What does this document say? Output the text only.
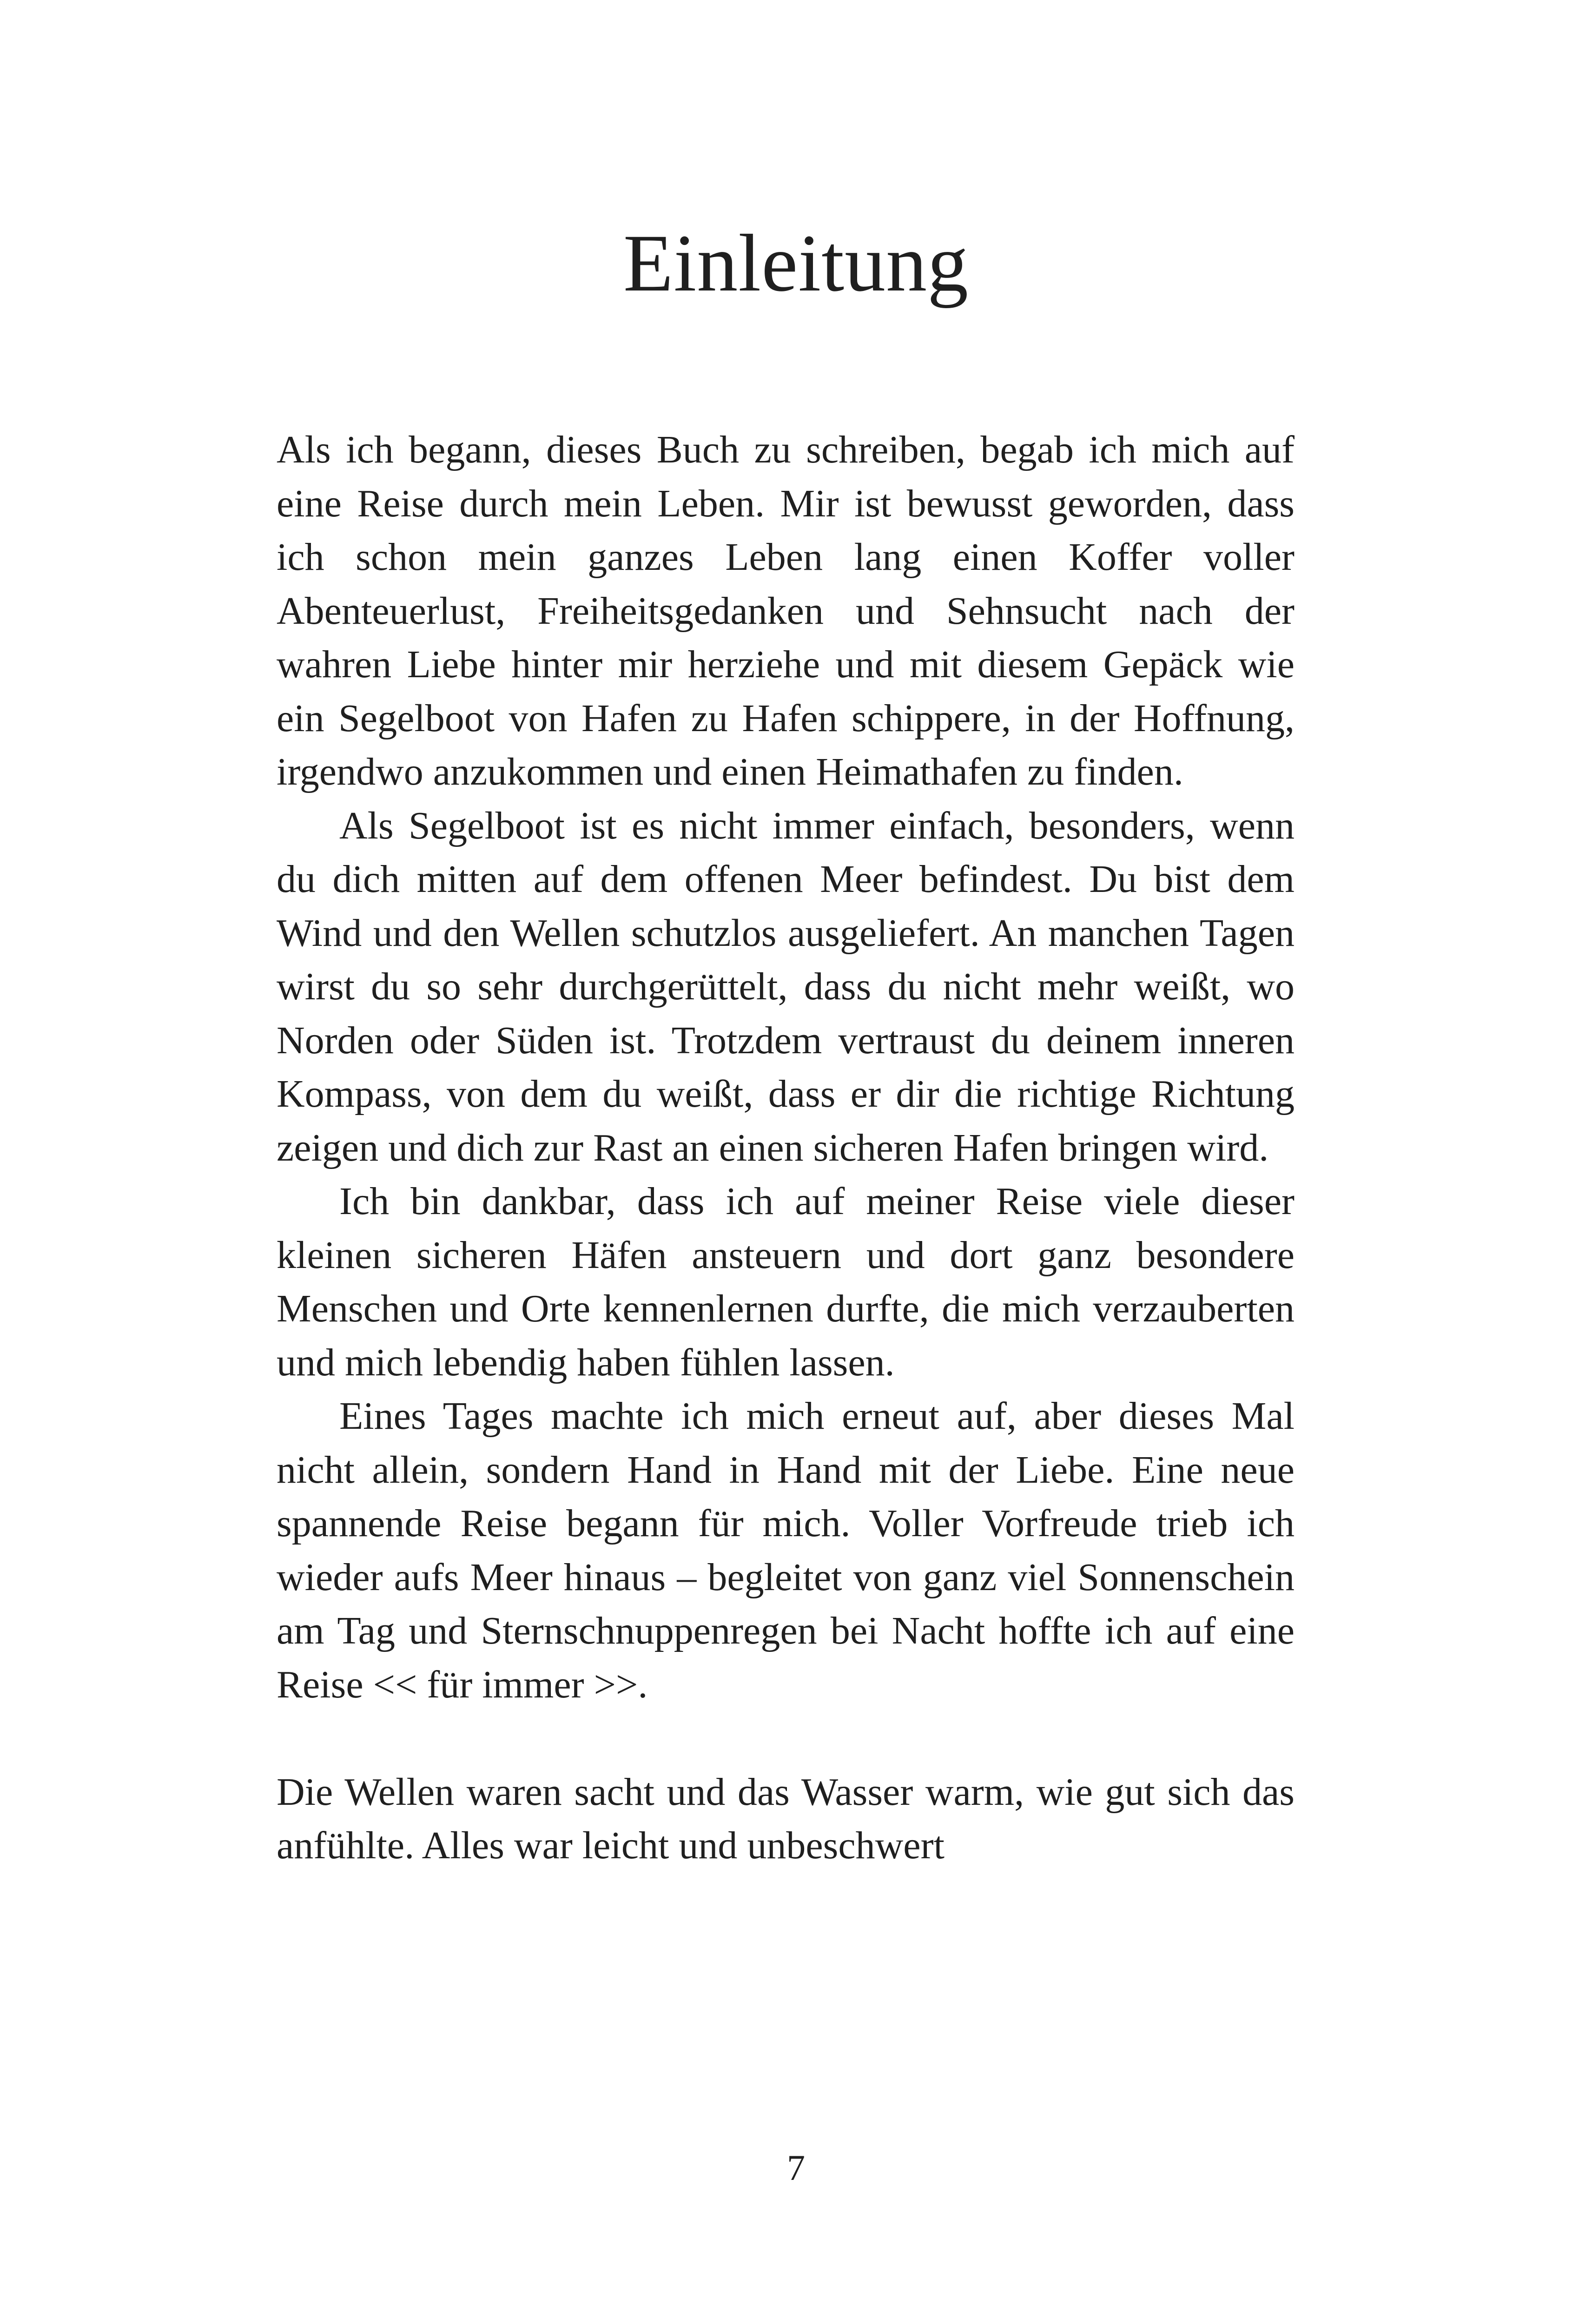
Einleitung

Als ich begann, dieses Buch zu schreiben, begab ich mich auf eine Reise durch mein Leben. Mir ist bewusst geworden, dass ich schon mein ganzes Leben lang einen Koffer voller Abenteuerlust, Freiheitsgedanken und Sehnsucht nach der wahren Liebe hinter mir herziehe und mit diesem Gepäck wie ein Segelboot von Hafen zu Hafen schippere, in der Hoffnung, irgendwo anzukommen und einen Heimathafen zu finden.

Als Segelboot ist es nicht immer einfach, besonders, wenn du dich mitten auf dem offenen Meer befindest. Du bist dem Wind und den Wellen schutzlos ausgeliefert. An manchen Tagen wirst du so sehr durchgerüttelt, dass du nicht mehr weißt, wo Norden oder Süden ist. Trotzdem vertraust du deinem inneren Kompass, von dem du weißt, dass er dir die richtige Richtung zeigen und dich zur Rast an einen sicheren Hafen bringen wird.

Ich bin dankbar, dass ich auf meiner Reise viele dieser kleinen sicheren Häfen ansteuern und dort ganz besondere Menschen und Orte kennenlernen durfte, die mich verzauberten und mich lebendig haben fühlen lassen.

Eines Tages machte ich mich erneut auf, aber dieses Mal nicht allein, sondern Hand in Hand mit der Liebe. Eine neue spannende Reise begann für mich. Voller Vorfreude trieb ich wieder aufs Meer hinaus – begleitet von ganz viel Sonnenschein am Tag und Sternschnuppenregen bei Nacht hoffte ich auf eine Reise << für immer >>.

Die Wellen waren sacht und das Wasser warm, wie gut sich das anfühlte. Alles war leicht und unbeschwert

7
